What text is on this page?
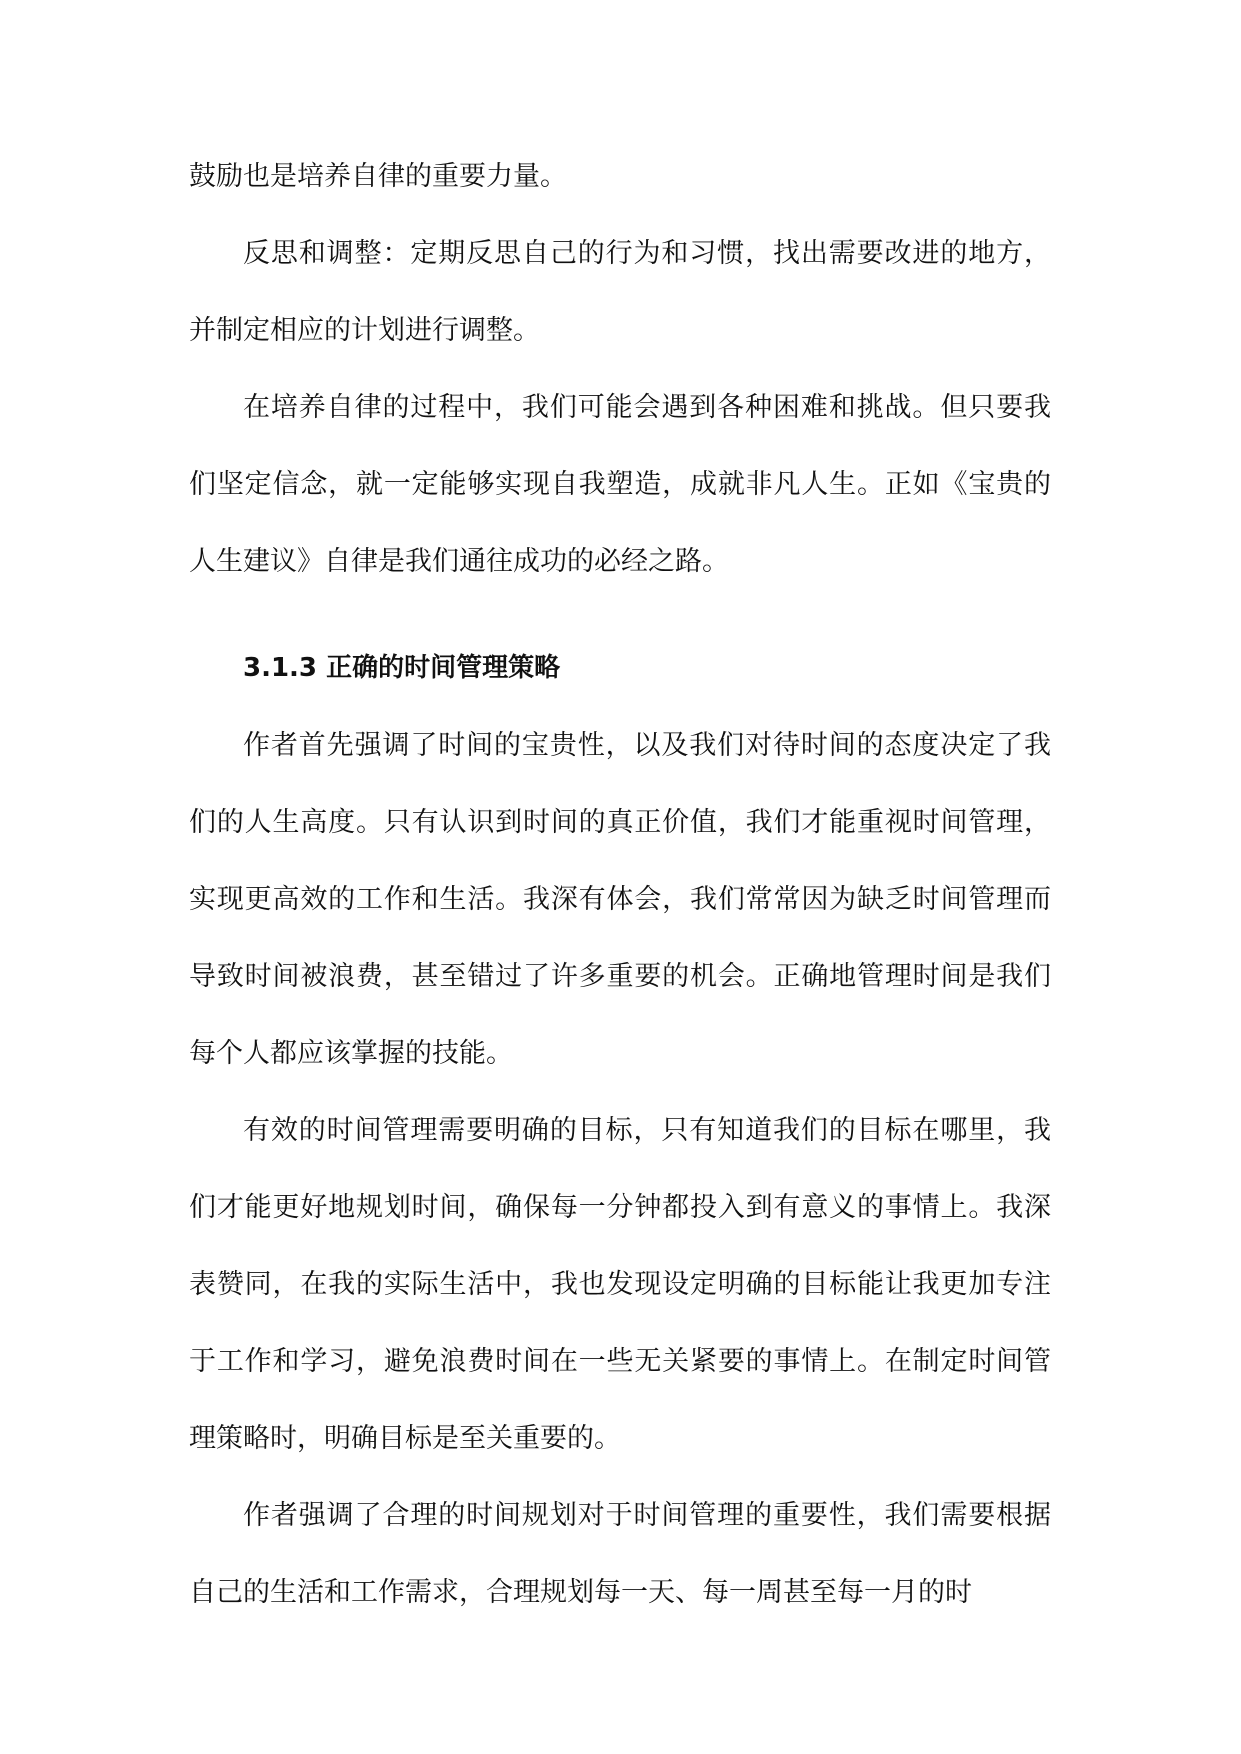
鼓励也是培养自律的重要力量。

反思和调整：定期反思自己的行为和习惯，找出需要改进的地方，并制定相应的计划进行调整。

在培养自律的过程中，我们可能会遇到各种困难和挑战。但只要我们坚定信念，就一定能够实现自我塑造，成就非凡人生。正如《宝贵的人生建议》自律是我们通往成功的必经之路。

3.1.3 正确的时间管理策略

作者首先强调了时间的宝贵性，以及我们对待时间的态度决定了我们的人生高度。只有认识到时间的真正价值，我们才能重视时间管理，实现更高效的工作和生活。我深有体会，我们常常因为缺乏时间管理而导致时间被浪费，甚至错过了许多重要的机会。正确地管理时间是我们每个人都应该掌握的技能。

有效的时间管理需要明确的目标，只有知道我们的目标在哪里，我们才能更好地规划时间，确保每一分钟都投入到有意义的事情上。我深表赞同，在我的实际生活中，我也发现设定明确的目标能让我更加专注于工作和学习，避免浪费时间在一些无关紧要的事情上。在制定时间管理策略时，明确目标是至关重要的。

作者强调了合理的时间规划对于时间管理的重要性，我们需要根据自己的生活和工作需求，合理规划每一天、每一周甚至每一月的时
